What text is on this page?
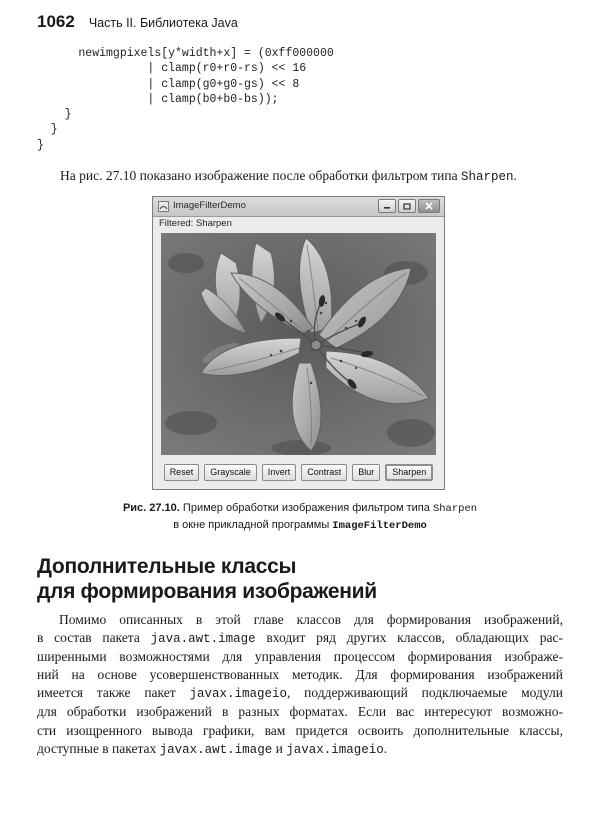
1062 Часть II. Библиотека Java
newimgpixels[y*width+x] = (0xff000000
| clamp(r0+r0-rs) << 16
| clamp(g0+g0-gs) << 8
| clamp(b0+b0-bs));
}
}
}
На рис. 27.10 показано изображение после обработки фильтром типа Sharpen.
ImageFilterDemo
Filtered: Sharpen
Reset	Grayscale	Invert	Contrast	Blur	Sharpen
Рис. 27.10. Пример обработки изображения фильтром типа Sharpen
в окне прикладной программы ImageFilterDemo
Дополнительные классы
для формирования изображений
Помимо описанных в этой главе классов для формирования изображений,
в состав пакета java.awt.image входит ряд других классов, обладающих рас-
ширенными возможностями для управления процессом формирования изображе-
ний на основе усовершенствованных методик. Для формирования изображений
имеется также пакет javax.imageio, поддерживающий подключаемые модули
для обработки изображений в разных форматах. Если вас интересуют возможно-
сти изощренного вывода графики, вам придется освоить дополнительные классы,
доступные в пакетах javax.awt.image и javax.imageio.
